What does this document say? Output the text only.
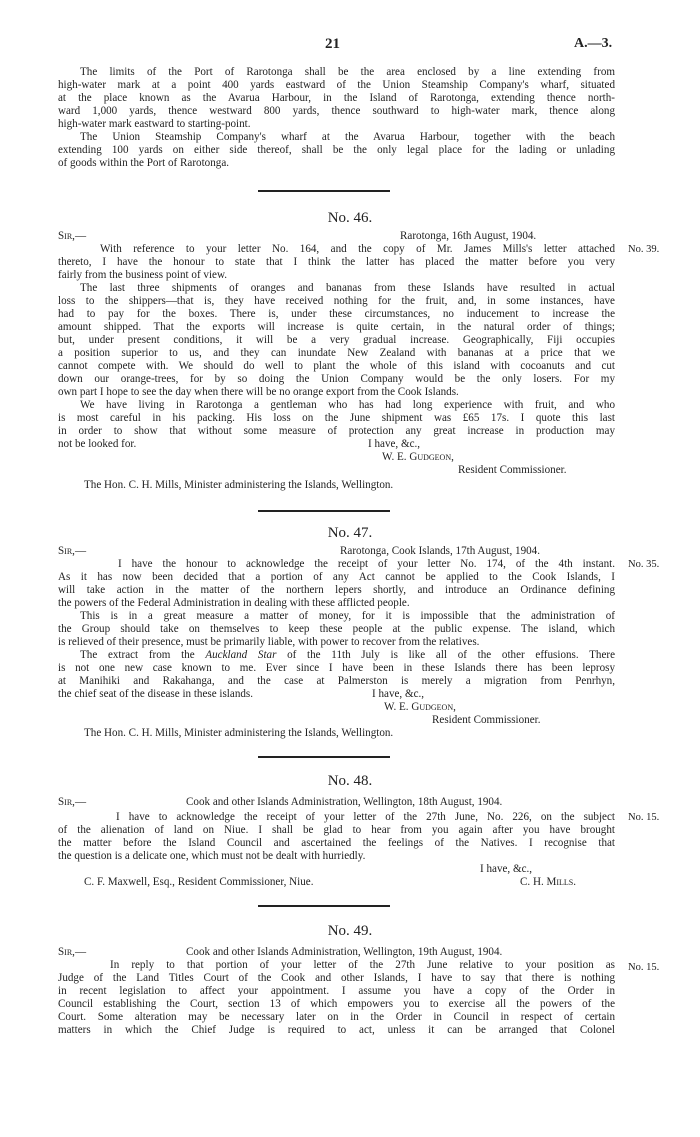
21	A.—3.
The limits of the Port of Rarotonga shall be the area enclosed by a line extending from
high-water mark at a point 400 yards eastward of the Union Steamship Company's wharf, situated
at the place known as the Avarua Harbour, in the Island of Rarotonga, extending thence north-
ward 1,000 yards, thence westward 800 yards, thence southward to high-water mark, thence along
high-water mark eastward to starting-point.
The Union Steamship Company's wharf at the Avarua Harbour, together with the beach
extending 100 yards on either side thereof, shall be the only legal place for the lading or unlading
of goods within the Port of Rarotonga.
No. 46.
Sir,—	Rarotonga, 16th August, 1904.
No. 39.
With reference to your letter No. 164, and the copy of Mr. James Mills's letter attached
thereto, I have the honour to state that I think the latter has placed the matter before you very
fairly from the business point of view.
The last three shipments of oranges and bananas from these Islands have resulted in actual
loss to the shippers—that is, they have received nothing for the fruit, and, in some instances, have
had to pay for the boxes. There is, under these circumstances, no inducement to increase the
amount shipped. That the exports will increase is quite certain, in the natural order of things;
but, under present conditions, it will be a very gradual increase. Geographically, Fiji occupies
a position superior to us, and they can inundate New Zealand with bananas at a price that we
cannot compete with. We should do well to plant the whole of this island with cocoanuts and cut
down our orange-trees, for by so doing the Union Company would be the only losers. For my
own part I hope to see the day when there will be no orange export from the Cook Islands.
We have living in Rarotonga a gentleman who has had long experience with fruit, and who
is most careful in his packing. His loss on the June shipment was £65 17s. I quote this last
in order to show that without some measure of protection any great increase in production may
not be looked for.	I have, &c.,
W. E. Gudgeon,
Resident Commissioner.
The Hon. C. H. Mills, Minister administering the Islands, Wellington.
No. 47.
Sir,—	Rarotonga, Cook Islands, 17th August, 1904.
No. 35.
I have the honour to acknowledge the receipt of your letter No. 174, of the 4th instant.
As it has now been decided that a portion of any Act cannot be applied to the Cook Islands, I
will take action in the matter of the northern lepers shortly, and introduce an Ordinance defining
the powers of the Federal Administration in dealing with these afflicted people.
This is in a great measure a matter of money, for it is impossible that the administration of
the Group should take on themselves to keep these people at the public expense. The island, which
is relieved of their presence, must be primarily liable, with power to recover from the relatives.
The extract from the Auckland Star of the 11th July is like all of the other effusions. There
is not one new case known to me. Ever since I have been in these Islands there has been leprosy
at Manihiki and Rakahanga, and the case at Palmerston is merely a migration from Penrhyn,
the chief seat of the disease in these islands.	I have, &c.,
W. E. Gudgeon,
Resident Commissioner.
The Hon. C. H. Mills, Minister administering the Islands, Wellington.
No. 48.
Sir,—	Cook and other Islands Administration, Wellington, 18th August, 1904.
No. 15.
I have to acknowledge the receipt of your letter of the 27th June, No. 226, on the subject
of the alienation of land on Niue. I shall be glad to hear from you again after you have brought
the matter before the Island Council and ascertained the feelings of the Natives. I recognise that
the question is a delicate one, which must not be dealt with hurriedly.
I have, &c.,
C. F. Maxwell, Esq., Resident Commissioner, Niue.	C. H. Mills.
No. 49.
Sir,—	Cook and other Islands Administration, Wellington, 19th August, 1904.
No. 15.
In reply to that portion of your letter of the 27th June relative to your position as
Judge of the Land Titles Court of the Cook and other Islands, I have to say that there is nothing
in recent legislation to affect your appointment. I assume you have a copy of the Order in
Council establishing the Court, section 13 of which empowers you to exercise all the powers of the
Court. Some alteration may be necessary later on in the Order in Council in respect of certain
matters in which the Chief Judge is required to act, unless it can be arranged that Colonel
